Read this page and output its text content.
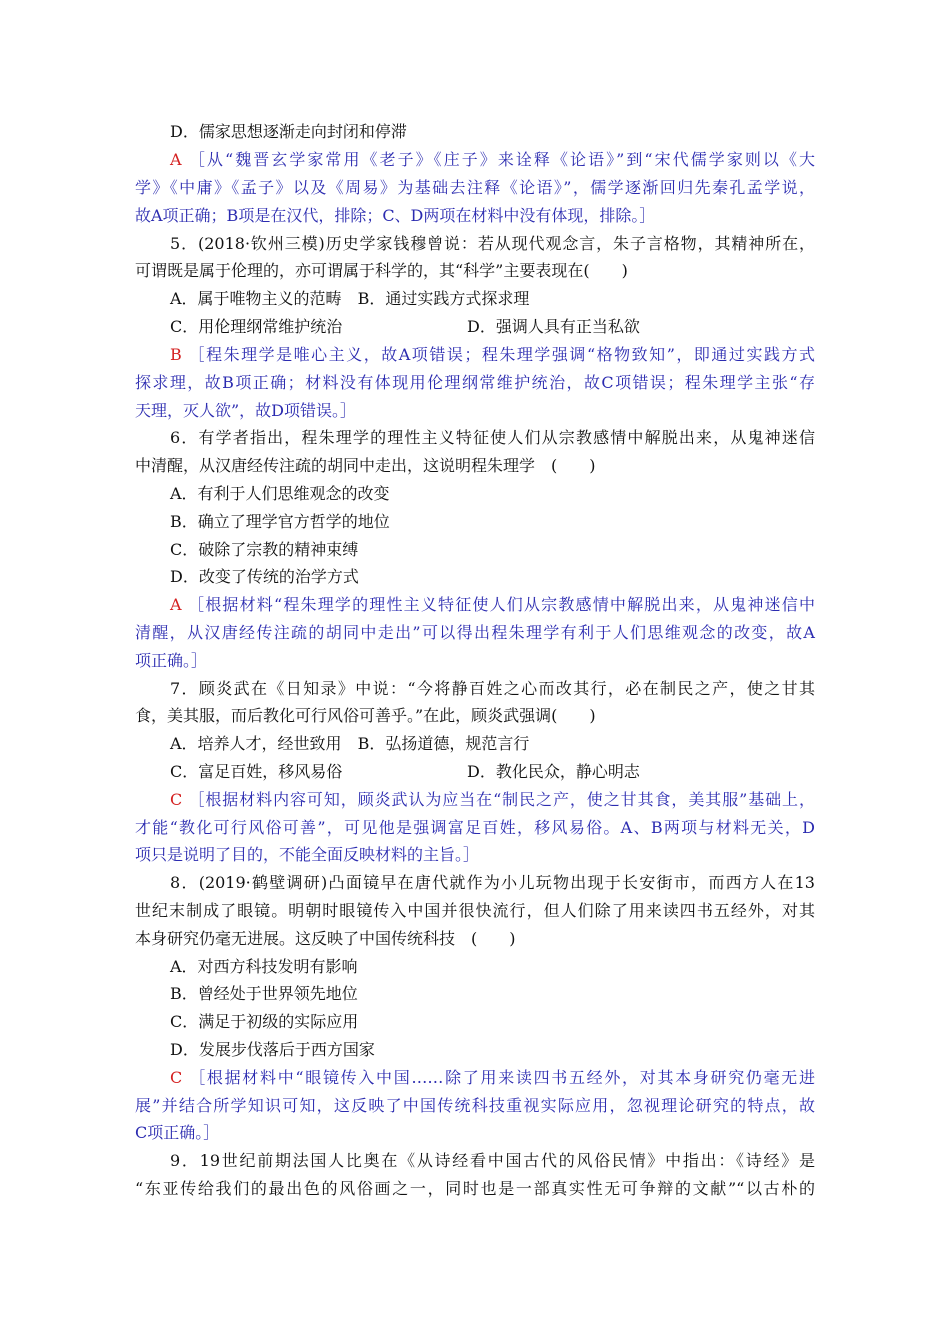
D．儒家思想逐渐走向封闭和停滞
A  ［从“魏晋玄学家常用《老子》《庄子》来诠释《论语》”到“宋代儒学家则以《大
学》《中庸》《孟子》以及《周易》为基础去注释《论语》”，儒学逐渐回归先秦孔孟学说，
故A项正确；B项是在汉代，排除；C、D两项在材料中没有体现，排除。］
5．(2018·钦州三模)历史学家钱穆曾说：若从现代观念言，朱子言格物，其精神所在，
可谓既是属于伦理的，亦可谓属于科学的，其“科学”主要表现在(　　)
A．属于唯物主义的范畴
　 B．通过实践方式探求理
C．用伦理纲常维护统治	D．强调人具有正当私欲
B  ［程朱理学是唯心主义，故A项错误；程朱理学强调“格物致知”，即通过实践方式
探求理，故B项正确；材料没有体现用伦理纲常维护统治，故C项错误；程朱理学主张“存
天理，灭人欲”，故D项错误。］
6．有学者指出，程朱理学的理性主义特征使人们从宗教感情中解脱出来，从鬼神迷信
中清醒，从汉唐经传注疏的胡同中走出，这说明程朱理学　(　　)
A．有利于人们思维观念的改变
B．确立了理学官方哲学的地位
C．破除了宗教的精神束缚
D．改变了传统的治学方式
A  ［根据材料“程朱理学的理性主义特征使人们从宗教感情中解脱出来，从鬼神迷信中
清醒，从汉唐经传注疏的胡同中走出”可以得出程朱理学有利于人们思维观念的改变，故A
项正确。］
7．顾炎武在《日知录》中说：“今将静百姓之心而改其行，必在制民之产，使之甘其
食，美其服，而后教化可行风俗可善乎。”在此，顾炎武强调(　　)
A．培养人才，经世致用
　 B．弘扬道德，规范言行
C．富足百姓，移风易俗	D．教化民众，静心明志
C  ［根据材料内容可知，顾炎武认为应当在“制民之产，使之甘其食，美其服”基础上，
才能“教化可行风俗可善”，可见他是强调富足百姓，移风易俗。A、B两项与材料无关，D
项只是说明了目的，不能全面反映材料的主旨。］
8．(2019·鹤壁调研)凸面镜早在唐代就作为小儿玩物出现于长安街市，而西方人在13
世纪末制成了眼镜。明朝时眼镜传入中国并很快流行，但人们除了用来读四书五经外，对其
本身研究仍毫无进展。这反映了中国传统科技　(　　)
A．对西方科技发明有影响
B．曾经处于世界领先地位
C．满足于初级的实际应用
D．发展步伐落后于西方国家
C  ［根据材料中“眼镜传入中国……除了用来读四书五经外，对其本身研究仍毫无进
展”并结合所学知识可知，这反映了中国传统科技重视实际应用，忽视理论研究的特点，故
C项正确。］
9．19世纪前期法国人比奥在《从诗经看中国古代的风俗民情》中指出：《诗经》是
“东亚传给我们的最出色的风俗画之一，同时也是一部真实性无可争辩的文献”“以古朴的
